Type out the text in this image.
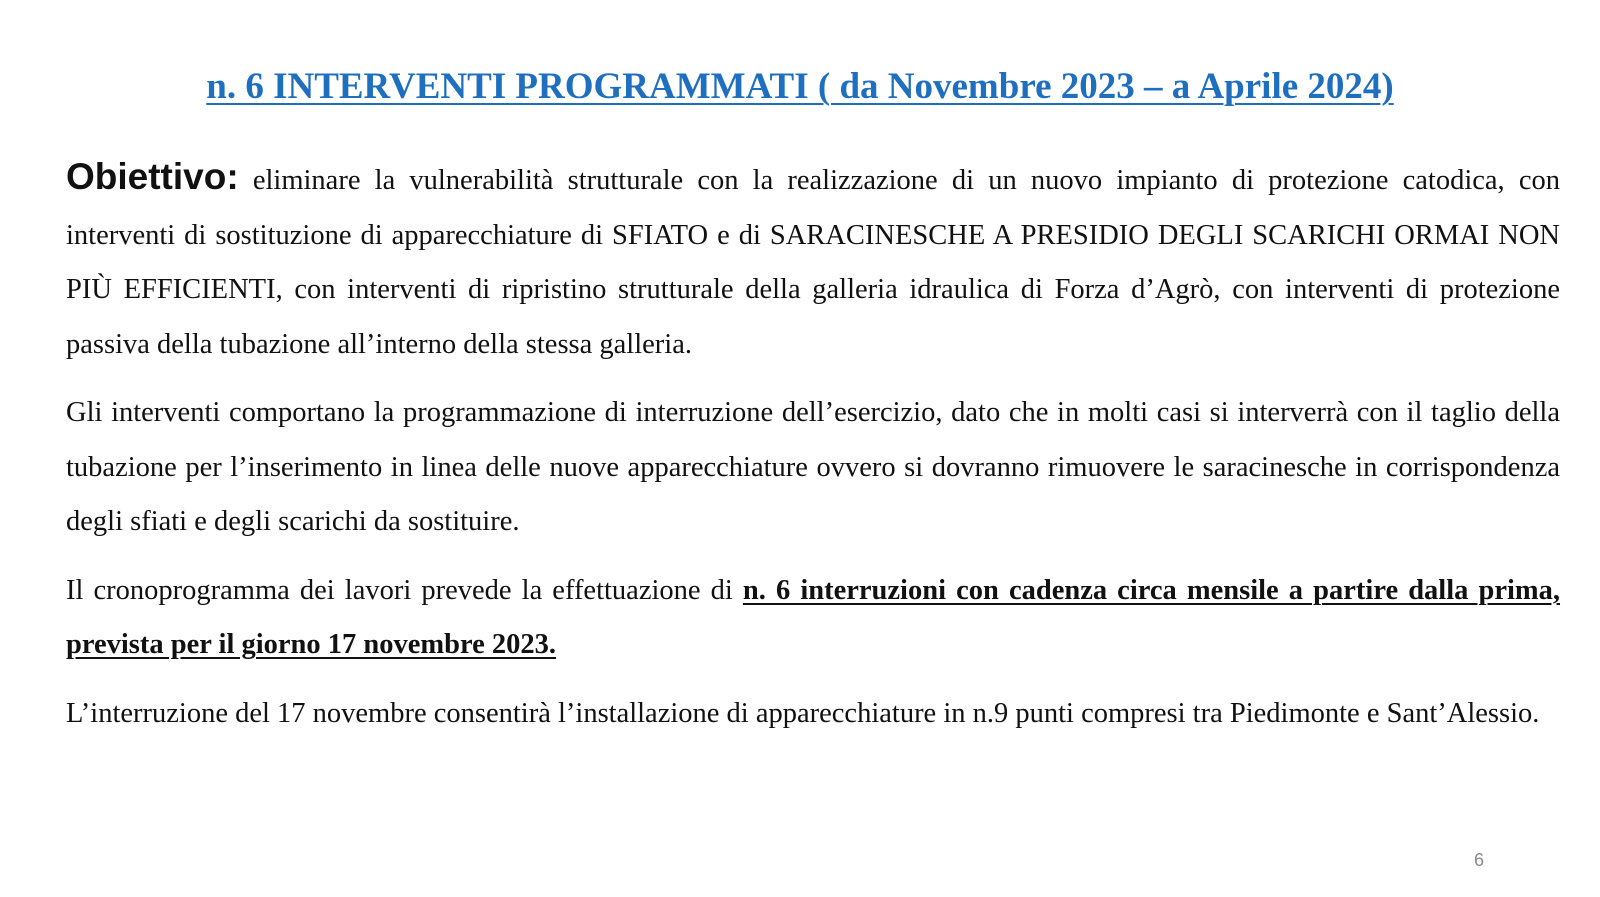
n. 6 INTERVENTI PROGRAMMATI ( da Novembre 2023 – a Aprile 2024)

Obiettivo: eliminare la vulnerabilità strutturale con la realizzazione di un nuovo impianto di protezione catodica, con interventi di sostituzione di apparecchiature di SFIATO e di SARACINESCHE A PRESIDIO DEGLI SCARICHI ORMAI NON PIÙ EFFICIENTI, con interventi di ripristino strutturale della galleria idraulica di Forza d’Agrò, con interventi di protezione passiva della tubazione all’interno della stessa galleria.

Gli interventi comportano la programmazione di interruzione dell’esercizio, dato che in molti casi si interverrà con il taglio della tubazione per l’inserimento in linea delle nuove apparecchiature ovvero si dovranno rimuovere le saracinesche in corrispondenza degli sfiati e degli scarichi da sostituire.

Il cronoprogramma dei lavori prevede la effettuazione di n. 6 interruzioni con cadenza circa mensile a partire dalla prima, prevista per il giorno 17 novembre 2023.

L’interruzione del 17 novembre consentirà l’installazione di apparecchiature in n.9 punti compresi tra Piedimonte e Sant’Alessio.

6
